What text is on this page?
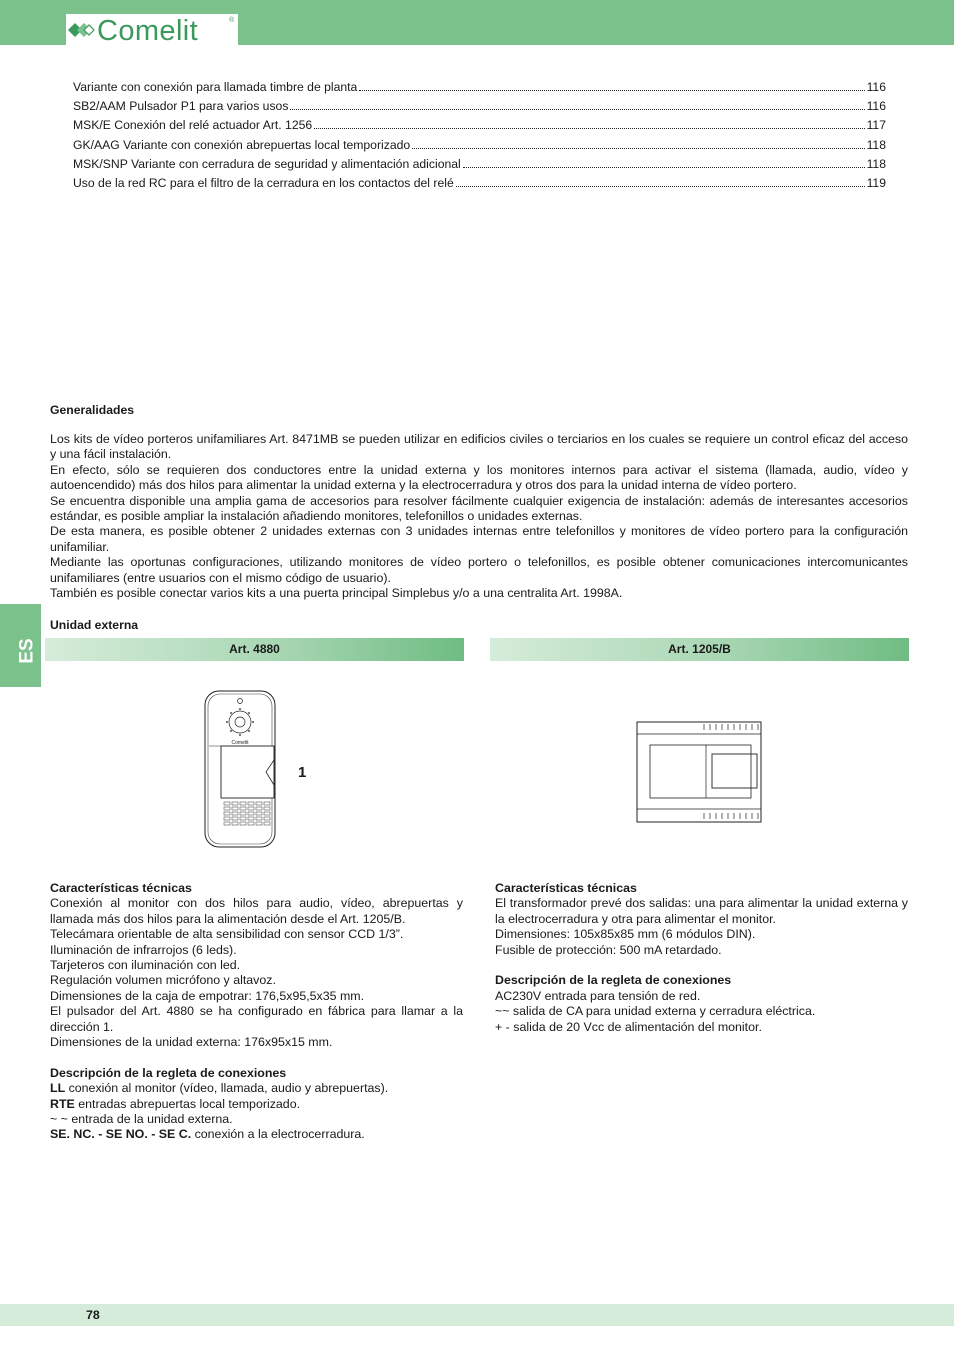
Comelit	®
Variante con conexión para llamada timbre de planta	116
SB2/AAM Pulsador P1 para varios usos	116
MSK/E Conexión del relé actuador Art. 1256	117
GK/AAG Variante con conexión abrepuertas local temporizado	118
MSK/SNP Variante con cerradura de seguridad y alimentación adicional	118
Uso de la red RC para el filtro de la cerradura en los contactos del relé	119
Generalidades

Los kits de vídeo porteros unifamiliares Art. 8471MB se pueden utilizar en edificios civiles o terciarios en los cuales se requiere un control eficaz del acceso y una fácil instalación.

En efecto, sólo se requieren dos conductores entre la unidad externa y los monitores internos para activar el sistema (llamada, audio, vídeo y autoencendido) más dos hilos para alimentar la unidad externa y la electrocerradura y otros dos para la unidad interna de vídeo portero.

Se encuentra disponible una amplia gama de accesorios para resolver fácilmente cualquier exigencia de instalación: además de interesantes accesorios estándar, es posible ampliar la instalación añadiendo monitores, telefonillos o unidades externas.

De esta manera, es posible obtener 2 unidades externas con 3 unidades internas entre telefonillos y monitores de vídeo portero para la configuración unifamiliar.

Mediante las oportunas configuraciones, utilizando monitores de vídeo portero o telefonillos, es posible obtener comunicaciones intercomunicantes unifamiliares (entre usuarios con el mismo código de usuario).

También es posible conectar varios kits a una puerta principal Simplebus y/o a una centralita Art. 1998A.

ES
Unidad externa
Art. 4880	Art. 1205/B
Comelit
1

Características técnicas

Conexión al monitor con dos hilos para audio, vídeo, abrepuertas y llamada más dos hilos para la alimentación desde el Art. 1205/B.

Telecámara orientable de alta sensibilidad con sensor CCD 1/3”.

Iluminación de infrarrojos (6 leds).

Tarjeteros con iluminación con led.

Regulación volumen micrófono y altavoz.

Dimensiones de la caja de empotrar: 176,5x95,5x35 mm.

El pulsador del Art. 4880 se ha configurado en fábrica para llamar a la dirección 1.

Dimensiones de la unidad externa: 176x95x15 mm.

Descripción de la regleta de conexiones

LL conexión al monitor (vídeo, llamada, audio y abrepuertas).

RTE entradas abrepuertas local temporizado.

~ ~ entrada de la unidad externa.

SE. NC. - SE NO. - SE C. conexión a la electrocerradura.

Características técnicas

El transformador prevé dos salidas: una para alimentar la unidad externa y la electrocerradura y otra para alimentar el monitor.

Dimensiones: 105x85x85 mm (6 módulos DIN).

Fusible de protección: 500 mA retardado.

Descripción de la regleta de conexiones

AC230V entrada para tensión de red.

~~ salida de CA para unidad externa y cerradura eléctrica.

+ - salida de 20 Vcc de alimentación del monitor.

78
